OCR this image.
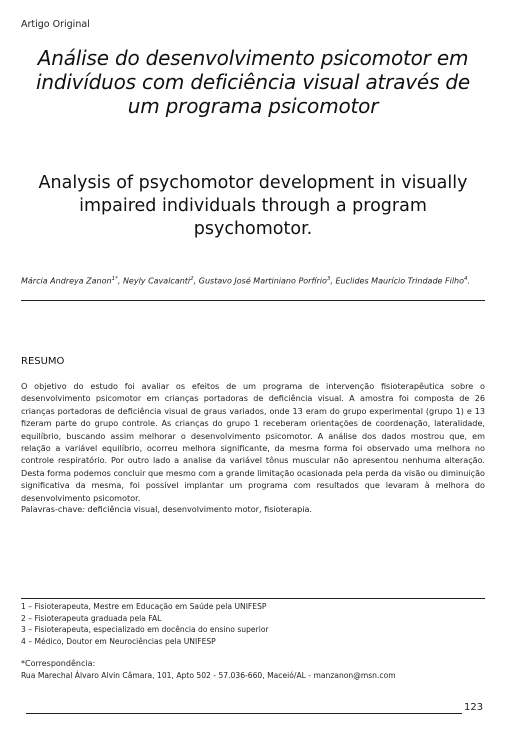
Artigo Original
Análise do desenvolvimento psicomotor em indivíduos com deficiência visual através de um programa psicomotor
Analysis of psychomotor development in visually impaired individuals through a program psychomotor.
Márcia Andreya Zanon$^{1*}$, Neyly Cavalcanti$^2$, Gustavo José Martiniano Porfírio$^3$, Euclides Maurício Trindade Filho$^4$.
RESUMO
O objetivo do estudo foi avaliar os efeitos de um programa de intervenção fisioterapêutica sobre o desenvolvimento psicomotor em crianças portadoras de deficiência visual. A amostra foi composta de 26 crianças portadoras de deficiência visual de graus variados, onde 13 eram do grupo experimental (grupo 1) e 13 fizeram parte do grupo controle. As crianças do grupo 1 receberam orientações de coordenação, lateralidade, equilíbrio, buscando assim melhorar o desenvolvimento psicomotor. A análise dos dados mostrou que, em relação a variável equilíbrio, ocorreu melhora significante, da mesma forma foi observado uma melhora no controle respiratório. Por outro lado a analise da variável tônus muscular não apresentou nenhuma alteração. Desta forma podemos concluir que mesmo com a grande limitação ocasionada pela perda da visão ou diminuição significativa da mesma, foi possível implantar um programa com resultados que levaram à melhora do desenvolvimento psicomotor.
Palavras-chave: deficiência visual, desenvolvimento motor, fisioterapia.
1 – Fisioterapeuta, Mestre em Educação em Saúde pela UNIFESP
2 – Fisioterapeuta graduada pela FAL
3 – Fisioterapeuta, especializado em docência do ensino superior
4 – Médico, Doutor em Neurociências pela UNIFESP
*Correspondência:
Rua Marechal Álvaro Alvin Câmara, 101, Apto 502 - 57.036-660, Maceió/AL - manzanon@msn.com
123
